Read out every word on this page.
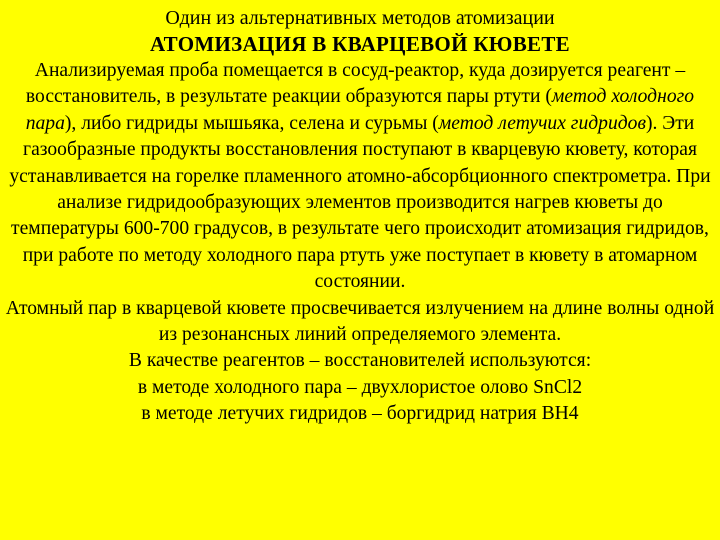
Один из альтернативных методов атомизации

АТОМИЗАЦИЯ В КВАРЦЕВОЙ КЮВЕТЕ

Анализируемая проба помещается в сосуд-реактор, куда дозируется реагент – восстановитель, в результате реакции образуются пары ртути (метод холодного пара), либо гидриды мышьяка, селена и сурьмы (метод летучих гидридов). Эти газообразные продукты восстановления поступают в кварцевую кювету, которая устанавливается на горелке пламенного атомно-абсорбционного спектрометра. При анализе гидридообразующих элементов производится нагрев кюветы до температуры 600-700 градусов, в результате чего происходит атомизация гидридов, при работе по методу холодного пара ртуть уже поступает в кювету в атомарном состоянии.

Атомный пар в кварцевой кювете просвечивается излучением на длине волны одной из резонансных линий определяемого элемента.

В качестве реагентов – восстановителей используются:

в методе холодного пара – двухлористое олово SnCl2
в методе летучих гидридов – боргидрид натрия BH4
